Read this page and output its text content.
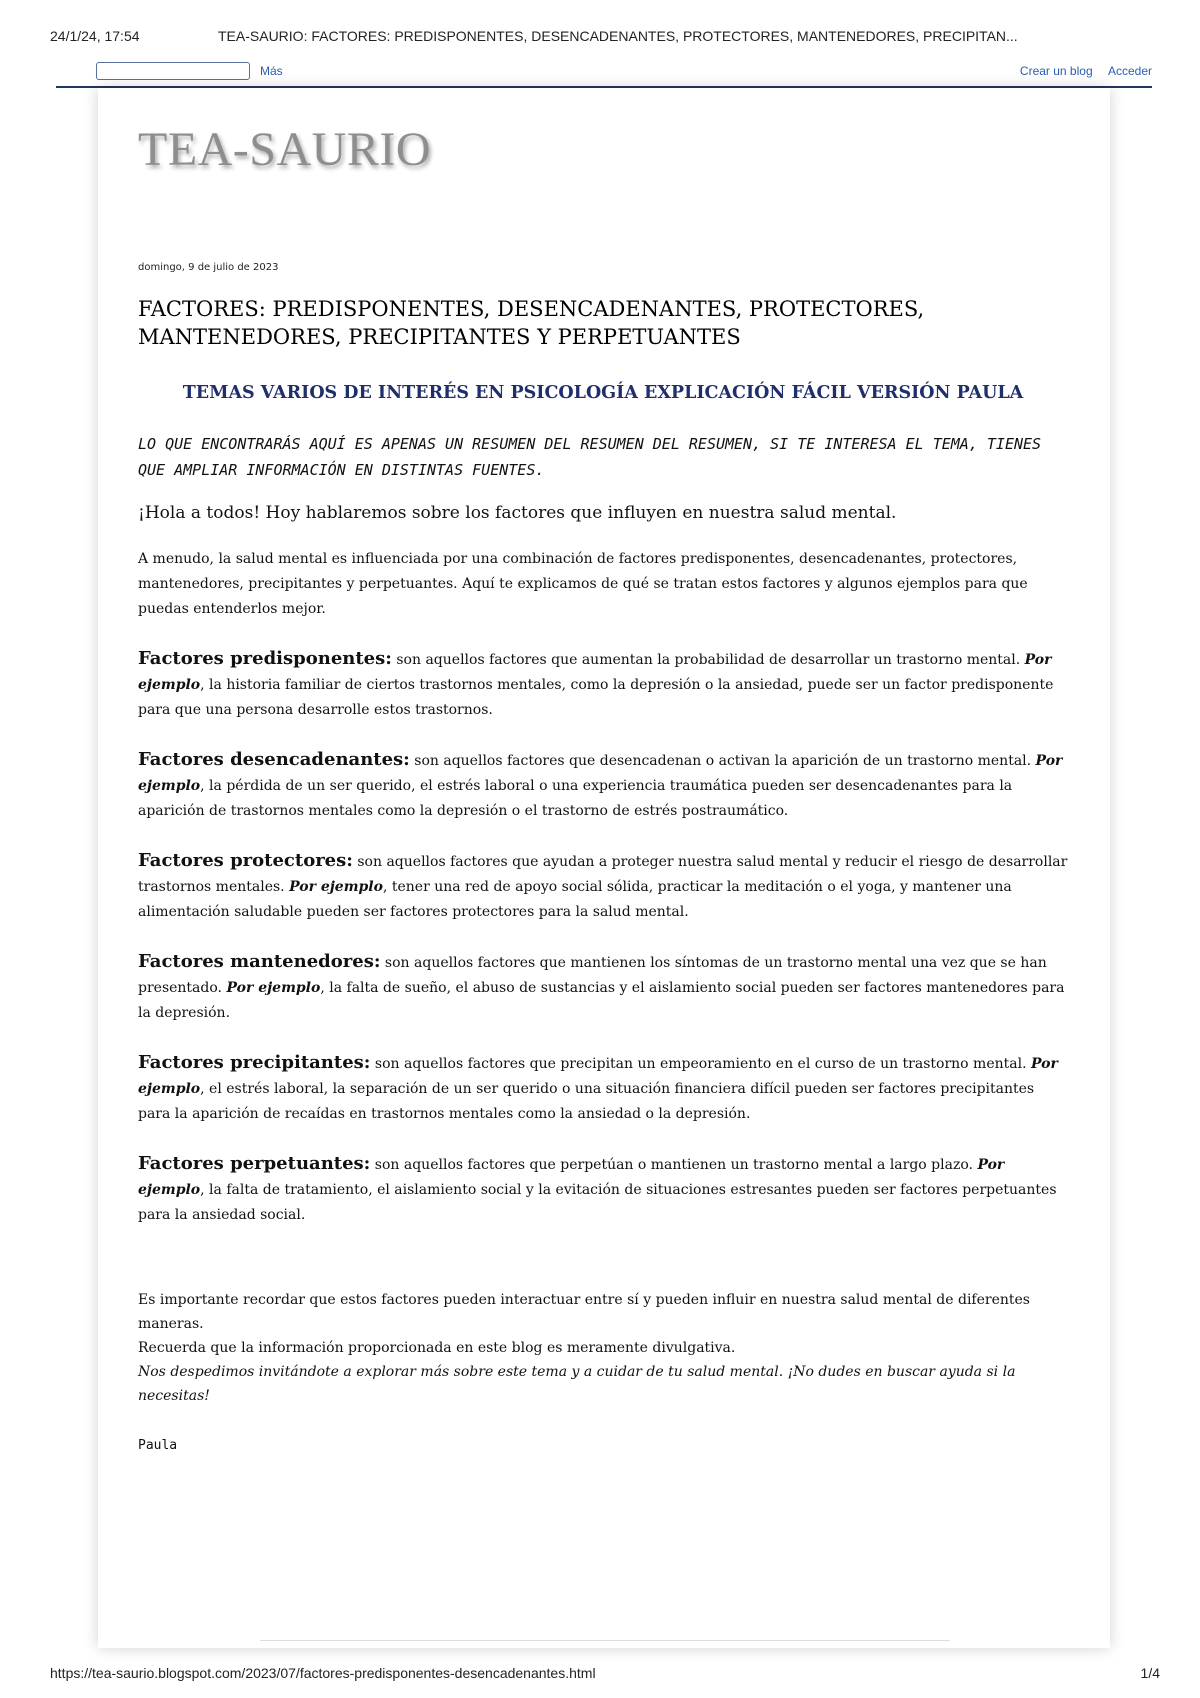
24/1/24, 17:54	TEA-SAURIO: FACTORES: PREDISPONENTES, DESENCADENANTES, PROTECTORES, MANTENEDORES, PRECIPITAN...
Más	Crear un blog Acceder
TEA-SAURIO
domingo, 9 de julio de 2023
FACTORES: PREDISPONENTES, DESENCADENANTES, PROTECTORES, MANTENEDORES, PRECIPITANTES Y PERPETUANTES
TEMAS VARIOS DE INTERÉS EN PSICOLOGÍA EXPLICACIÓN FÁCIL VERSIÓN PAULA
LO QUE ENCONTRARÁS AQUÍ ES APENAS UN RESUMEN DEL RESUMEN DEL RESUMEN, SI TE INTERESA EL TEMA, TIENES QUE AMPLIAR INFORMACIÓN EN DISTINTAS FUENTES.
¡Hola a todos! Hoy hablaremos sobre los factores que influyen en nuestra salud mental.

A menudo, la salud mental es influenciada por una combinación de factores predisponentes, desencadenantes, protectores, mantenedores, precipitantes y perpetuantes. Aquí te explicamos de qué se tratan estos factores y algunos ejemplos para que puedas entenderlos mejor.

Factores predisponentes: son aquellos factores que aumentan la probabilidad de desarrollar un trastorno mental. Por ejemplo, la historia familiar de ciertos trastornos mentales, como la depresión o la ansiedad, puede ser un factor predisponente para que una persona desarrolle estos trastornos.

Factores desencadenantes: son aquellos factores que desencadenan o activan la aparición de un trastorno mental. Por ejemplo, la pérdida de un ser querido, el estrés laboral o una experiencia traumática pueden ser desencadenantes para la aparición de trastornos mentales como la depresión o el trastorno de estrés postraumático.

Factores protectores: son aquellos factores que ayudan a proteger nuestra salud mental y reducir el riesgo de desarrollar trastornos mentales. Por ejemplo, tener una red de apoyo social sólida, practicar la meditación o el yoga, y mantener una alimentación saludable pueden ser factores protectores para la salud mental.

Factores mantenedores: son aquellos factores que mantienen los síntomas de un trastorno mental una vez que se han presentado. Por ejemplo, la falta de sueño, el abuso de sustancias y el aislamiento social pueden ser factores mantenedores para la depresión.

Factores precipitantes: son aquellos factores que precipitan un empeoramiento en el curso de un trastorno mental. Por ejemplo, el estrés laboral, la separación de un ser querido o una situación financiera difícil pueden ser factores precipitantes para la aparición de recaídas en trastornos mentales como la ansiedad o la depresión.

Factores perpetuantes: son aquellos factores que perpetúan o mantienen un trastorno mental a largo plazo. Por ejemplo, la falta de tratamiento, el aislamiento social y la evitación de situaciones estresantes pueden ser factores perpetuantes para la ansiedad social.

Es importante recordar que estos factores pueden interactuar entre sí y pueden influir en nuestra salud mental de diferentes maneras.
Recuerda que la información proporcionada en este blog es meramente divulgativa.
Nos despedimos invitándote a explorar más sobre este tema y a cuidar de tu salud mental. ¡No dudes en buscar ayuda si la necesitas!
Paula
https://tea-saurio.blogspot.com/2023/07/factores-predisponentes-desencadenantes.html	1/4
